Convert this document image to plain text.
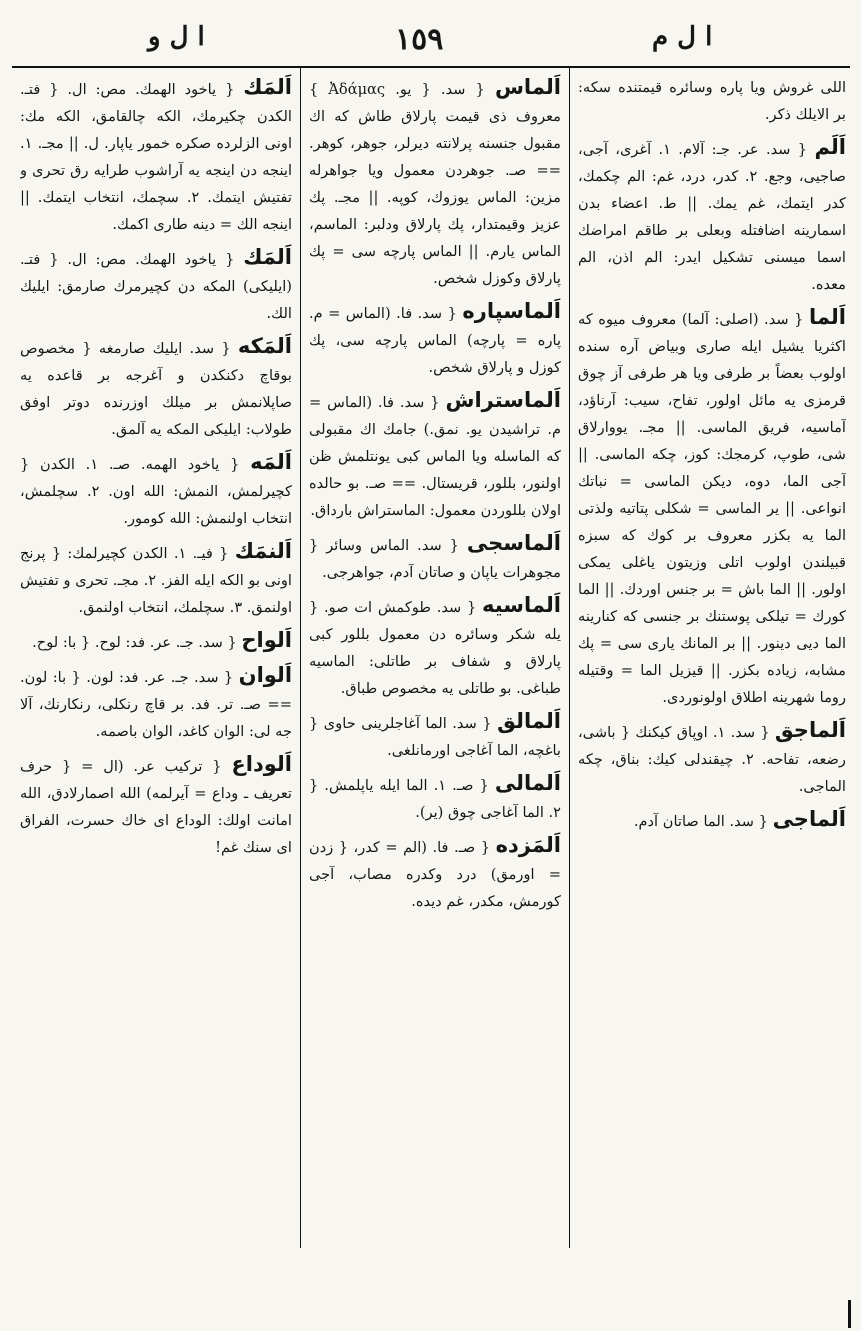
ا ل و	١٥٩	ا ل م

اَلمَك { ياخود الهمك. مص: ال. { فتـ. الكدن چكيرمك، الكه چالقامق، الكه مك: اونى الزلرده صكره خمور ياپار. ل. || مجـ. ١. اينجه دن اينجه يه آراشوب طرايه رق تحرى و تفتيش ايتمك. ٢. سچمك، انتخاب ايتمك. || اينجه الك = دينه طارى اكمك.

اَلمَك { ياخود الهمك. مص: ال. { فتـ. (ايليكى) المكه دن كچيرمرك صارمق: ايليك الك.

اَلمَكه { سد. ايليك صارمغه { مخصوص بوقاچ دكنكدن و آغرجه بر قاعده يه صاپلانمش بر ميلك اوزرنده دوتر اوفق طولاب: ايليكى المكه يه آلمق.

اَلمَه { ياخود الهمه. صـ. ١. الكدن { كچيرلمش، النمش: الله اون. ٢. سچلمش، انتخاب اولنمش: الله كومور.

اَلنمَك { فيـ. ١. الكدن كچيرلمك: { پرنج اونى بو الكه ايله الفز. ٢. مجـ. تحرى و تفتيش اولنمق. ٣. سچلمك، انتخاب اولنمق.

اَلواح { سد. جـ. عر. فد: لوح. { با: لوح.

اَلوان { سد. جـ. عر. فد: لون. { با: لون. == صـ. تر. فد. بر قاچ رنكلى، رنكارنك، آلا جه لى: الوان كاغد، الوان باصمه.

اَلوداع { تركيب عر. (ال = { حرف تعريف ـ وداع = آيرلمه) الله اصمارلادق، الله امانت اولك: الوداع اى خاك حسرت، الفراق اى سنك غم!

اَلماس { سد. { يو. Ἀδάμας } معروف ذى قيمت پارلاق طاش كه اك مقبول جنسنه پرلانته ديرلر، جوهر، كوهر. == صـ. جوهردن معمول ويا جواهرله مزين: الماس يوزوك، كوپه. || مجـ. پك عزيز وقيمتدار، پك پارلاق ودلبر: الماسم، الماس يارم. || الماس پارچه سى = پك پارلاق وكوزل شخص.

اَلماسپاره { سد. فا. (الماس = م. پاره = پارچه) الماس پارچه سى، پك كوزل و پارلاق شخص.

اَلماستراش { سد. فا. (الماس = م. تراشيدن يو. نمق.) جامك اك مقبولى كه الماسله ويا الماس كبى يونتلمش ظن اولنور، بللور، قريستال. == صـ. بو حالده اولان بللوردن معمول: الماستراش بارداق.

اَلماسجى { سد. الماس وسائر { مجوهرات ياپان و صاتان آدم، جواهرجى.

اَلماسيه { سد. طوكمش ات صو. { يله شكر وسائره دن معمول بللور كبى پارلاق و شفاف بر طاتلى: الماسيه طباغى. بو طاتلى يه مخصوص طباق.

اَلمالق { سد. الما آغاجلرينى حاوى { باغچه، الما آغاجى اورمانلغى.

اَلمالى { صـ. ١. الما ايله ياپلمش. { ٢. الما آغاجى چوق (ير).

اَلمَزده { صـ. فا. (الم = كدر، { زدن = اورمق) درد وكدره مصاب، آجى كورمش، مكدر، غم ديده.

اللى غروش ويا پاره وسائره قيمتنده سكه: بر الايلك ذكر.

اَلَم { سد. عر. جـ: آلام. ١. آغرى، آجى، صاجيى، وجع. ٢. كدر، درد، غم: الم چكمك، كدر ايتمك، غم يمك. || ط. اعضاء بدن اسمارينه اضافتله وبعلى بر طاقم امراضك اسما ميسنى تشكيل ايدر: الم اذن، الم معده.

اَلما { سد. (اصلى: آلما) معروف ميوه كه اكثريا يشيل ايله صارى وبياض آره سنده اولوب بعضاً بر طرفى ويا هر طرفى آز چوق قرمزى يه مائل اولور، تفاح، سيب: آرناؤد، آماسيه، فريق الماسى. || مجـ. يووارلاق شى، طوپ، كرمجك: كوز، چكه الماسى. || آجى الما، دوه، ديكن الماسى = نباتك انواعى. || ير الماسى = شكلى پتاتيه ولذتى الما يه بكزر معروف بر كوك كه سبزه قبيلندن اولوب اتلى وزيتون ياغلى يمكى اولور. || الما باش = بر جنس اوردك. || الما كورك = تيلكى پوستنك بر جنسى كه كنارينه الما ديى دينور. || بر المانك يارى سى = پك مشابه، زياده بكزر. || قيزيل الما = وقتيله روما شهرينه اطلاق اولونوردى.

اَلماجق { سد. ١. اوپاق كيكنك { باشى، رضعه، تفاحه. ٢. چيقندلى كيك: بناق، چكه الماجى.

اَلماجى { سد. الما صاتان آدم.
